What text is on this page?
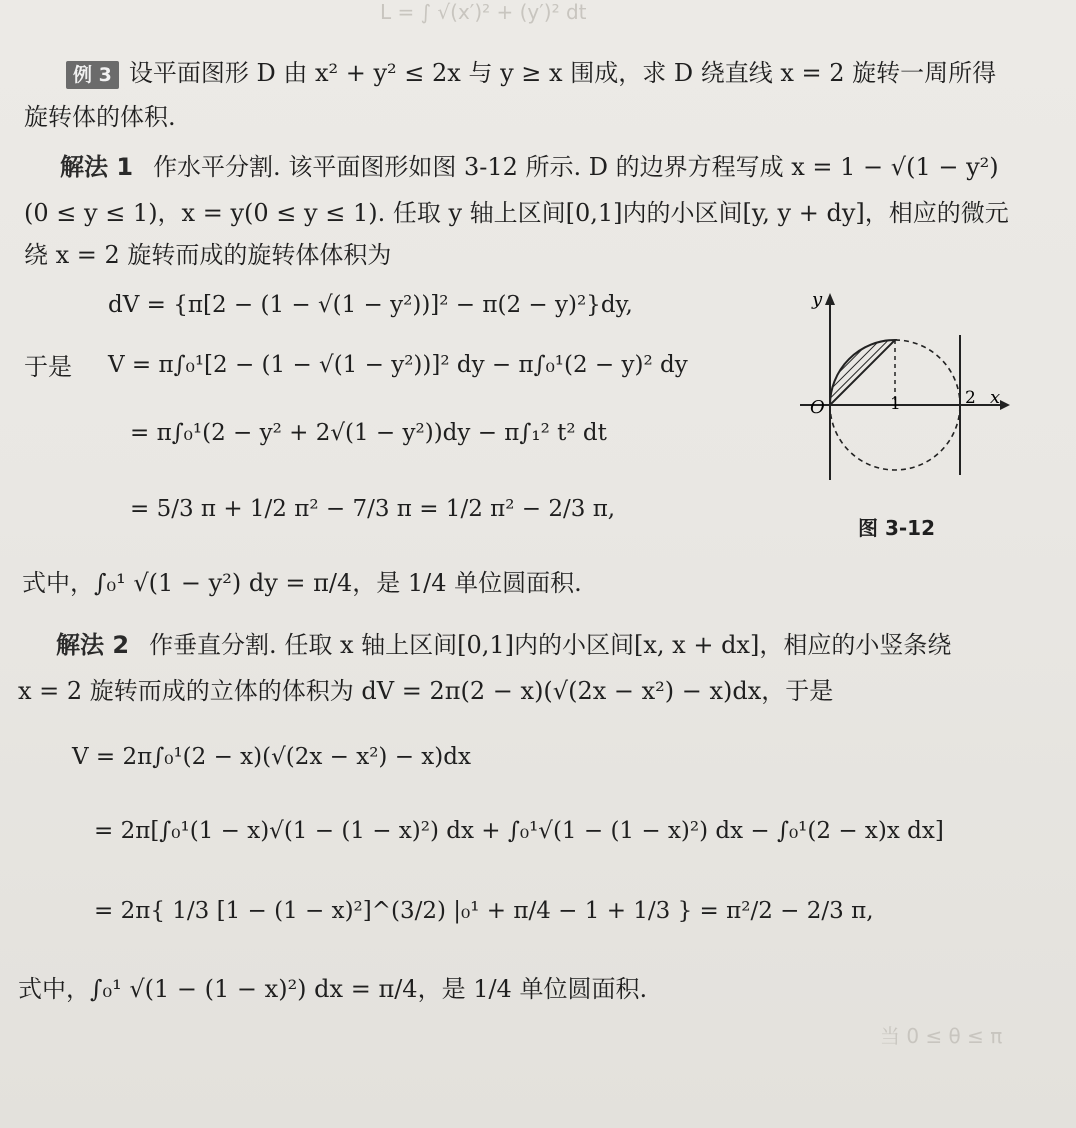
L = ∫ √(x′)² + (y′)² dt
例 3 设平面图形 D 由 x² + y² ≤ 2x 与 y ≥ x 围成，求 D 绕直线 x = 2 旋转一周所得
旋转体的体积.
解法 1 作水平分割. 该平面图形如图 3-12 所示. D 的边界方程写成 x = 1 − √(1 − y²)
(0 ≤ y ≤ 1)，x = y(0 ≤ y ≤ 1). 任取 y 轴上区间[0,1]内的小区间[y, y + dy]，相应的微元
绕 x = 2 旋转而成的旋转体体积为
dV = {π[2 − (1 − √(1 − y²))]² − π(2 − y)²}dy,
于是 V = π∫₀¹[2 − (1 − √(1 − y²))]² dy − π∫₀¹(2 − y)² dy
= π∫₀¹(2 − y² + 2√(1 − y²))dy − π∫₁² t² dt
= 5/3 π + 1/2 π² − 7/3 π = 1/2 π² − 2/3 π,
式中，∫₀¹ √(1 − y²) dy = π/4，是 1/4 单位圆面积.
y
x
O	1	2
图 3-12
解法 2 作垂直分割. 任取 x 轴上区间[0,1]内的小区间[x, x + dx]，相应的小竖条绕
x = 2 旋转而成的立体的体积为 dV = 2π(2 − x)(√(2x − x²) − x)dx，于是
V = 2π∫₀¹(2 − x)(√(2x − x²) − x)dx
= 2π[∫₀¹(1 − x)√(1 − (1 − x)²) dx + ∫₀¹√(1 − (1 − x)²) dx − ∫₀¹(2 − x)x dx]
= 2π{ 1/3 [1 − (1 − x)²]^(3/2) |₀¹ + π/4 − 1 + 1/3 } = π²/2 − 2/3 π,
式中，∫₀¹ √(1 − (1 − x)²) dx = π/4，是 1/4 单位圆面积.
当 0 ≤ θ ≤ π
